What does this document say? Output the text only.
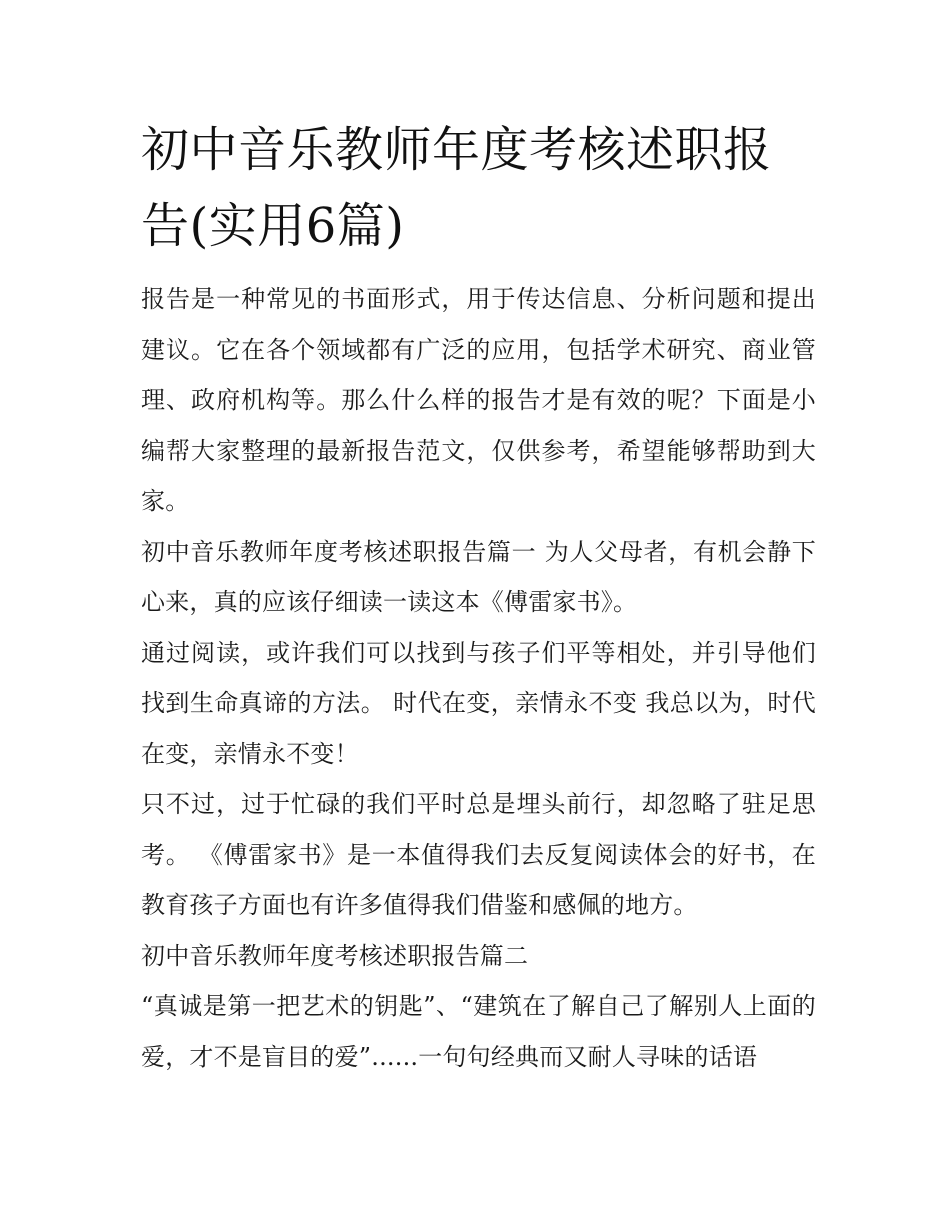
初中音乐教师年度考核述职报告(实用6篇)

报告是一种常见的书面形式，用于传达信息、分析问题和提出建议。它在各个领域都有广泛的应用，包括学术研究、商业管理、政府机构等。那么什么样的报告才是有效的呢？下面是小编帮大家整理的最新报告范文，仅供参考，希望能够帮助到大家。

初中音乐教师年度考核述职报告篇一 为人父母者，有机会静下心来，真的应该仔细读一读这本《傅雷家书》。

通过阅读，或许我们可以找到与孩子们平等相处，并引导他们找到生命真谛的方法。 时代在变，亲情永不变 我总以为，时代在变，亲情永不变！

只不过，过于忙碌的我们平时总是埋头前行，却忽略了驻足思考。 《傅雷家书》是一本值得我们去反复阅读体会的好书，在教育孩子方面也有许多值得我们借鉴和感佩的地方。

初中音乐教师年度考核述职报告篇二

“真诚是第一把艺术的钥匙”、“建筑在了解自己了解别人上面的爱，才不是盲目的爱”......一句句经典而又耐人寻味的话语
